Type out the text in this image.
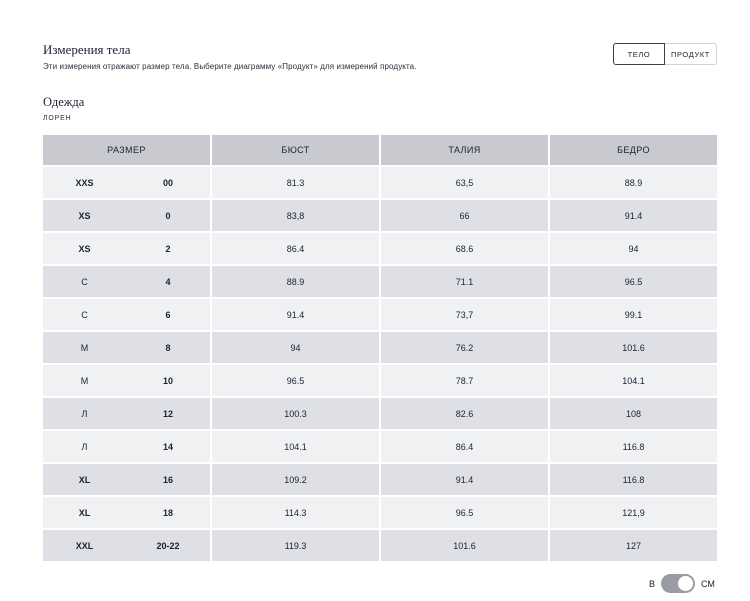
Измерения тела
Эти измерения отражают размер тела. Выберите диаграмму «Продукт» для измерений продукта.
ТЕЛО	ПРОДУКТ
Одежда
ЛОРЕН
РАЗМЕР	БЮСТ	ТАЛИЯ	БЕДРО
XXS	00	81.3	63,5	88.9
XS	0	83,8	66	91.4
XS	2	86.4	68.6	94
С	4	88.9	71.1	96.5
С	6	91.4	73,7	99.1
М	8	94	76.2	101.6
М	10	96.5	78.7	104.1
Л	12	100.3	82.6	108
Л	14	104.1	86.4	116.8
XL	16	109.2	91.4	116.8
XL	18	114.3	96.5	121,9
XXL	20-22	119.3	101.6	127
В	СМ
